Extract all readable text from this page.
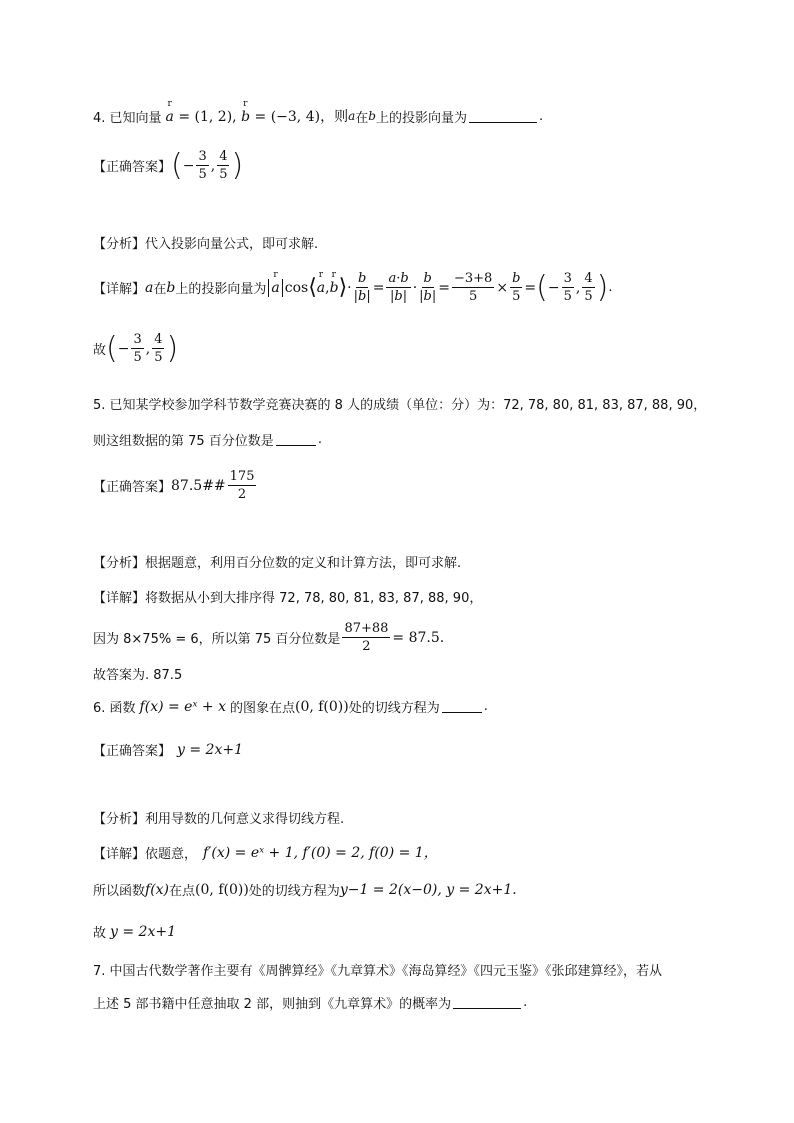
4. 已知向量 r a = (1, 2), r b = (−3, 4)，则 a 在 b 上的投影向量为	.
【正确答案】 ( − $\frac{3}{5}$ , $\frac{4}{5}$ )
【分析】代入投影向量公式，即可求解.
【详解】 a 在 b 上的投影向量为 r a cos ⟨ r a , r b ⟩ · $\frac{b}{|b|} = \frac{a\cdot b}{|b|} \cdot \frac{b}{|b|} = \frac{-3+8}{5} \times \frac{b}{5}$ = ( − $\frac{3}{5}$ , $\frac{4}{5}$ ) .
故 ( − $\frac{3}{5}$ , $\frac{4}{5}$ )
5. 已知某学校参加学科节数学竞赛决赛的 8 人的成绩（单位：分）为：72, 78, 80, 81, 83, 87, 88, 90，
则这组数据的第 75 百分位数是	.
【正确答案】 87.5## $\frac{175}{2}$
【分析】根据题意，利用百分位数的定义和计算方法，即可求解.
【详解】 将数据从小到大排序得 72, 78, 80, 81, 83, 87, 88, 90，
因为 8×75% = 6，所以第 75 百分位数是 $\frac{87+88}{2} = 87.5$.
故答案为. 87.5
6. 函数 f(x) = eˣ + x 的图象在点 (0, f(0)) 处的切线方程为	.
【正确答案】 y = 2x+1
【分析】利用导数的几何意义求得切线方程.
【详解】 依题意， f′(x) = eˣ + 1, f′(0) = 2, f(0) = 1，
所以函数 f(x) 在点 (0, f(0)) 处的切线方程为 y−1 = 2(x−0), y = 2x+1.
故 y = 2x+1
7. 中国古代数学著作主要有《周髀算经》《九章算术》《海岛算经》《四元玉鉴》《张邱建算经》，若从
上述 5 部书籍中任意抽取 2 部，则抽到《九章算术》的概率为	.
